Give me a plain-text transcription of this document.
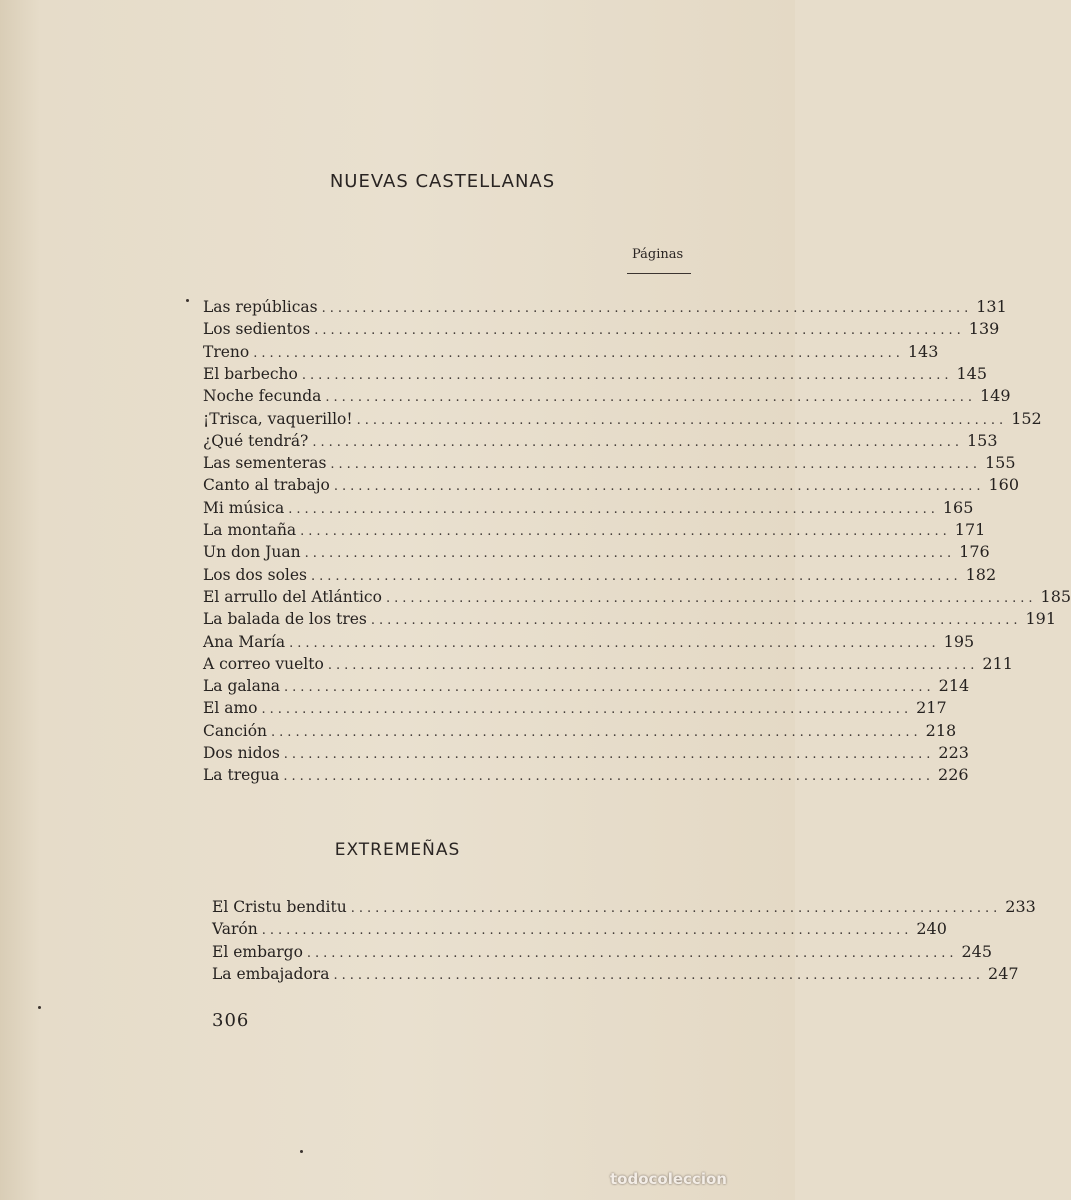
NUEVAS CASTELLANAS
Páginas
Las repúblicas ................................................................................ 131
Los sedientos ................................................................................ 139
Treno ................................................................................ 143
El barbecho ................................................................................ 145
Noche fecunda ................................................................................ 149
¡Trisca, vaquerillo! ................................................................................ 152
¿Qué tendrá? ................................................................................ 153
Las sementeras ................................................................................ 155
Canto al trabajo ................................................................................ 160
Mi música ................................................................................ 165
La montaña ................................................................................ 171
Un don Juan ................................................................................ 176
Los dos soles ................................................................................ 182
El arrullo del Atlántico ................................................................................ 185
La balada de los tres ................................................................................ 191
Ana María ................................................................................ 195
A correo vuelto ................................................................................ 211
La galana ................................................................................ 214
El amo ................................................................................ 217
Canción ................................................................................ 218
Dos nidos ................................................................................ 223
La tregua ................................................................................ 226
EXTREMEÑAS
El Cristu benditu ................................................................................ 233
Varón ................................................................................ 240
El embargo ................................................................................ 245
La embajadora ................................................................................ 247
306
todocoleccion
